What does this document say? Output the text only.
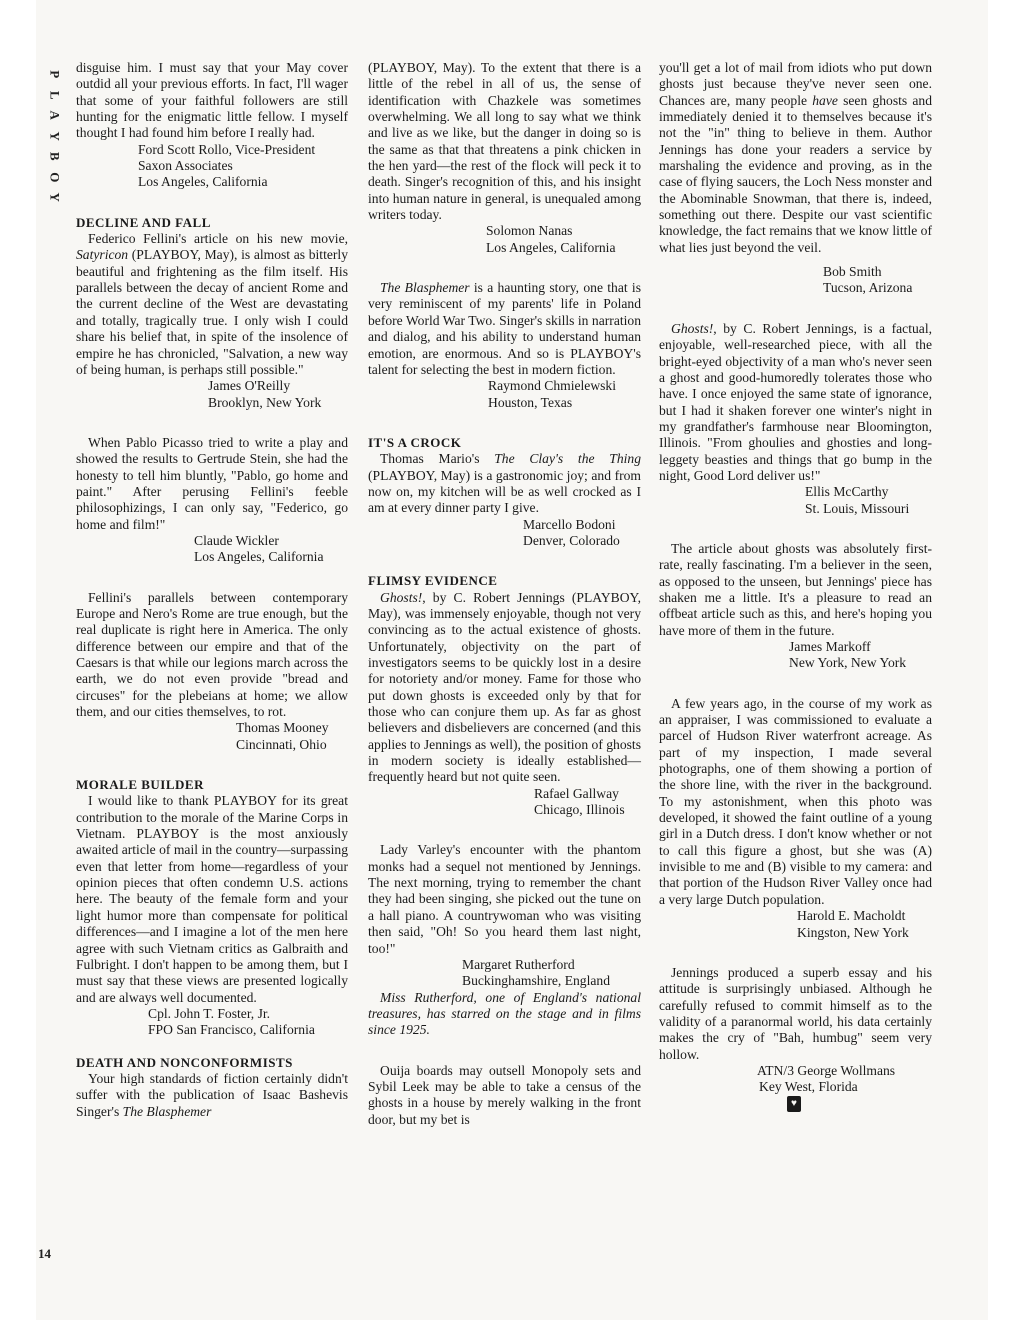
P
L
A
Y
B
O
Y
14

disguise him. I must say that your May cover outdid all your previous efforts. In fact, I'll wager that some of your faithful followers are still hunting for the enigmatic little fellow. I myself thought I had found him before I really had.

Ford Scott Rollo, Vice-President
Saxon Associates
Los Angeles, California

DECLINE AND FALL

Federico Fellini's article on his new movie, Satyricon (PLAYBOY, May), is almost as bitterly beautiful and frightening as the film itself. His parallels between the decay of ancient Rome and the current decline of the West are devastating and totally, tragically true. I only wish I could share his belief that, in spite of the insolence of empire he has chronicled, "Salvation, a new way of being human, is perhaps still possible."

James O'Reilly
Brooklyn, New York

When Pablo Picasso tried to write a play and showed the results to Gertrude Stein, she had the honesty to tell him bluntly, "Pablo, go home and paint." After perusing Fellini's feeble philosophizings, I can only say, "Federico, go home and film!"

Claude Wickler
Los Angeles, California

Fellini's parallels between contemporary Europe and Nero's Rome are true enough, but the real duplicate is right here in America. The only difference between our empire and that of the Caesars is that while our legions march across the earth, we do not even provide "bread and circuses" for the plebeians at home; we allow them, and our cities themselves, to rot.

Thomas Mooney
Cincinnati, Ohio

MORALE BUILDER

I would like to thank PLAYBOY for its great contribution to the morale of the Marine Corps in Vietnam. PLAYBOY is the most anxiously awaited article of mail in the country—surpassing even that letter from home—regardless of your opinion pieces that often condemn U.S. actions here. The beauty of the female form and your light humor more than compensate for political differences—and I imagine a lot of the men here agree with such Vietnam critics as Galbraith and Fulbright. I don't happen to be among them, but I must say that these views are presented logically and are always well documented.

Cpl. John T. Foster, Jr.
FPO San Francisco, California

DEATH AND NONCONFORMISTS

Your high standards of fiction certainly didn't suffer with the publication of Isaac Bashevis Singer's The Blasphemer

(PLAYBOY, May). To the extent that there is a little of the rebel in all of us, the sense of identification with Chazkele was sometimes overwhelming. We all long to say what we think and live as we like, but the danger in doing so is the same as that that threatens a pink chicken in the hen yard—the rest of the flock will peck it to death. Singer's recognition of this, and his insight into human nature in general, is unequaled among writers today.

Solomon Nanas
Los Angeles, California

The Blasphemer is a haunting story, one that is very reminiscent of my parents' life in Poland before World War Two. Singer's skills in narration and dialog, and his ability to understand human emotion, are enormous. And so is PLAYBOY's talent for selecting the best in modern fiction.

Raymond Chmielewski
Houston, Texas

IT'S A CROCK

Thomas Mario's The Clay's the Thing (PLAYBOY, May) is a gastronomic joy; and from now on, my kitchen will be as well crocked as I am at every dinner party I give.

Marcello Bodoni
Denver, Colorado

FLIMSY EVIDENCE

Ghosts!, by C. Robert Jennings (PLAYBOY, May), was immensely enjoyable, though not very convincing as to the actual existence of ghosts. Unfortunately, objectivity on the part of investigators seems to be quickly lost in a desire for notoriety and/or money. Fame for those who put down ghosts is exceeded only by that for those who can conjure them up. As far as ghost believers and disbelievers are concerned (and this applies to Jennings as well), the position of ghosts in modern society is ideally established—frequently heard but not quite seen.

Rafael Gallway
Chicago, Illinois

Lady Varley's encounter with the phantom monks had a sequel not mentioned by Jennings. The next morning, trying to remember the chant they had been singing, she picked out the tune on a hall piano. A countrywoman who was visiting then said, "Oh! So you heard them last night, too!"

Margaret Rutherford
Buckinghamshire, England

Miss Rutherford, one of England's national treasures, has starred on the stage and in films since 1925.

Ouija boards may outsell Monopoly sets and Sybil Leek may be able to take a census of the ghosts in a house by merely walking in the front door, but my bet is

you'll get a lot of mail from idiots who put down ghosts just because they've never seen one. Chances are, many people have seen ghosts and immediately denied it to themselves because it's not the "in" thing to believe in them. Author Jennings has done your readers a service by marshaling the evidence and proving, as in the case of flying saucers, the Loch Ness monster and the Abominable Snowman, that there is, indeed, something out there. Despite our vast scientific knowledge, the fact remains that we know little of what lies just beyond the veil.

Bob Smith
Tucson, Arizona

Ghosts!, by C. Robert Jennings, is a factual, enjoyable, well-researched piece, with all the bright-eyed objectivity of a man who's never seen a ghost and good-humoredly tolerates those who have. I once enjoyed the same state of ignorance, but I had it shaken forever one winter's night in my grandfather's farmhouse near Bloomington, Illinois. "From ghoulies and ghosties and long-leggety beasties and things that go bump in the night, Good Lord deliver us!"

Ellis McCarthy
St. Louis, Missouri

The article about ghosts was absolutely first-rate, really fascinating. I'm a believer in the seen, as opposed to the unseen, but Jennings' piece has shaken me a little. It's a pleasure to read an offbeat article such as this, and here's hoping you have more of them in the future.

James Markoff
New York, New York

A few years ago, in the course of my work as an appraiser, I was commissioned to evaluate a parcel of Hudson River waterfront acreage. As part of my inspection, I made several photographs, one of them showing a portion of the shore line, with the river in the background. To my astonishment, when this photo was developed, it showed the faint outline of a young girl in a Dutch dress. I don't know whether or not to call this figure a ghost, but she was (A) invisible to me and (B) visible to my camera: and that portion of the Hudson River Valley once had a very large Dutch population.

Harold E. Macholdt
Kingston, New York

Jennings produced a superb essay and his attitude is surprisingly unbiased. Although he carefully refused to commit himself as to the validity of a paranormal world, his data certainly makes the cry of "Bah, humbug" seem very hollow.

ATN/3 George Wollmans
Key West, Florida
♥
